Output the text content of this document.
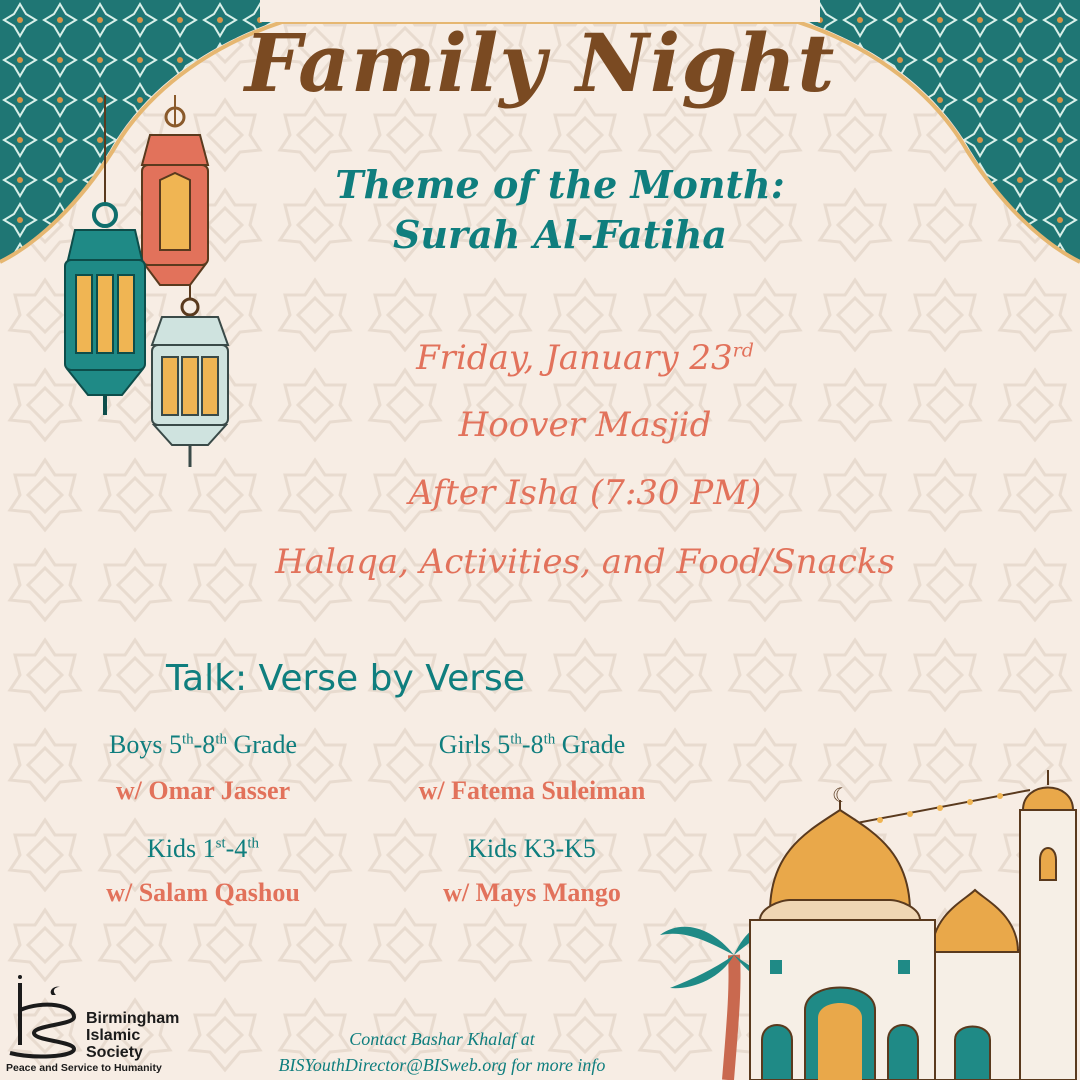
Family Night
Theme of the Month:
Surah Al-Fatiha
Friday, January 23rd
Hoover Masjid
After Isha (7:30 PM)
Halaqa, Activities, and Food/Snacks
Talk: Verse by Verse
Boys 5th-8th Grade
w/ Omar Jasser
Girls 5th-8th Grade
w/ Fatema Suleiman
Kids 1st-4th
w/ Salam Qashou
Kids K3-K5
w/ Mays Mango
☾
Birmingham
Islamic
Society
Peace and Service to Humanity
Contact Bashar Khalaf at
BISYouthDirector@BISweb.org for more info
